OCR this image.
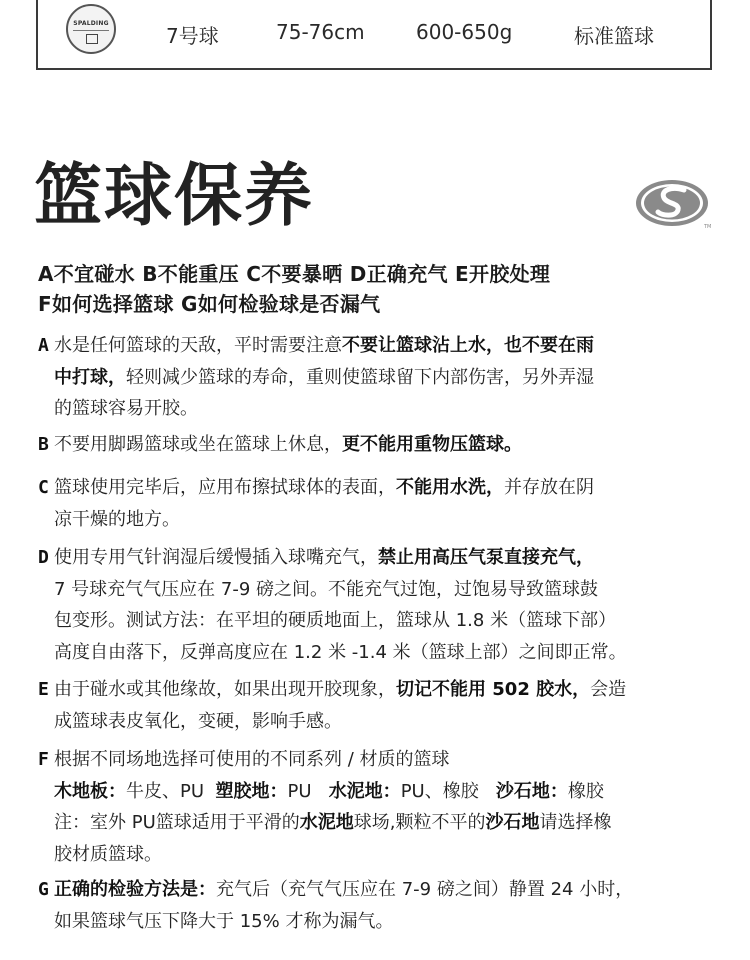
SPALDING
7号球	75-76cm	600-650g	标准篮球
篮球保养	TM
A不宜碰水 B不能重压 C不要暴晒 D正确充气 E开胶处理
F如何选择篮球 G如何检验球是否漏气
A 水是任何篮球的天敌，平时需要注意不要让篮球沾上水，也不要在雨
中打球，轻则减少篮球的寿命，重则使篮球留下内部伤害，另外弄湿
的篮球容易开胶。
B 不要用脚踢篮球或坐在篮球上休息，更不能用重物压篮球。
C 篮球使用完毕后，应用布擦拭球体的表面，不能用水洗，并存放在阴
凉干燥的地方。
D 使用专用气针润湿后缓慢插入球嘴充气，禁止用高压气泵直接充气，
7 号球充气气压应在 7-9 磅之间。不能充气过饱，过饱易导致篮球鼓
包变形。测试方法：在平坦的硬质地面上，篮球从 1.8 米（篮球下部）
高度自由落下，反弹高度应在 1.2 米 -1.4 米（篮球上部）之间即正常。
E 由于碰水或其他缘故，如果出现开胶现象，切记不能用 502 胶水，会造
成篮球表皮氧化，变硬，影响手感。
F 根据不同场地选择可使用的不同系列 / 材质的篮球
木地板：牛皮、PU 塑胶地：PU 水泥地：PU、橡胶 沙石地：橡胶
注：室外 PU篮球适用于平滑的水泥地球场,颗粒不平的沙石地请选择橡
胶材质篮球。
G 正确的检验方法是：充气后（充气气压应在 7-9 磅之间）静置 24 小时，
如果篮球气压下降大于 15% 才称为漏气。
